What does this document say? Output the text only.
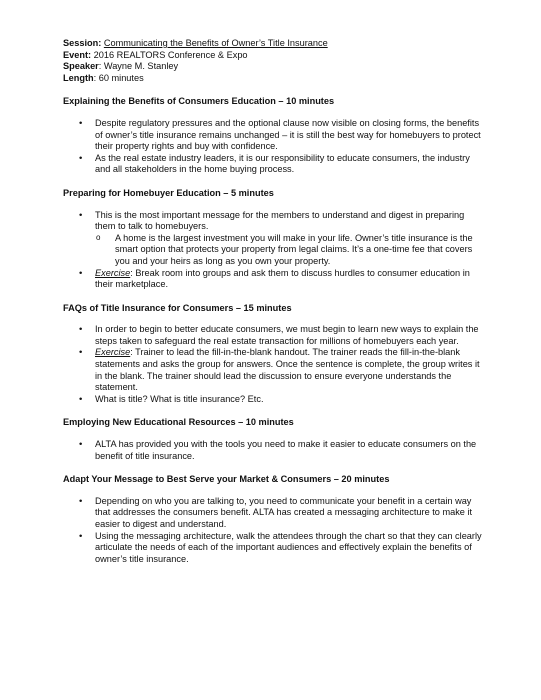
Session: Communicating the Benefits of Owner’s Title Insurance
Event: 2016 REALTORS Conference & Expo
Speaker: Wayne M. Stanley
Length: 60 minutes
Explaining the Benefits of Consumers Education – 10 minutes
• Despite regulatory pressures and the optional clause now visible on closing forms, the benefits of owner’s title insurance remains unchanged – it is still the best way for homebuyers to protect their property rights and buy with confidence.
• As the real estate industry leaders, it is our responsibility to educate consumers, the industry and all stakeholders in the home buying process.
Preparing for Homebuyer Education – 5 minutes
• This is the most important message for the members to understand and digest in preparing them to talk to homebuyers.
o A home is the largest investment you will make in your life. Owner’s title insurance is the smart option that protects your property from legal claims. It’s a one-time fee that covers you and your heirs as long as you own your property.
• Exercise: Break room into groups and ask them to discuss hurdles to consumer education in their marketplace.
FAQs of Title Insurance for Consumers – 15 minutes
• In order to begin to better educate consumers, we must begin to learn new ways to explain the steps taken to safeguard the real estate transaction for millions of homebuyers each year.
• Exercise: Trainer to lead the fill-in-the-blank handout. The trainer reads the fill-in-the-blank statements and asks the group for answers. Once the sentence is complete, the group writes it in the blank. The trainer should lead the discussion to ensure everyone understands the statement.
• What is title? What is title insurance? Etc.
Employing New Educational Resources – 10 minutes
• ALTA has provided you with the tools you need to make it easier to educate consumers on the benefit of title insurance.
Adapt Your Message to Best Serve your Market & Consumers – 20 minutes
• Depending on who you are talking to, you need to communicate your benefit in a certain way that addresses the consumers benefit. ALTA has created a messaging architecture to make it easier to digest and understand.
• Using the messaging architecture, walk the attendees through the chart so that they can clearly articulate the needs of each of the important audiences and effectively explain the benefits of owner’s title insurance.
